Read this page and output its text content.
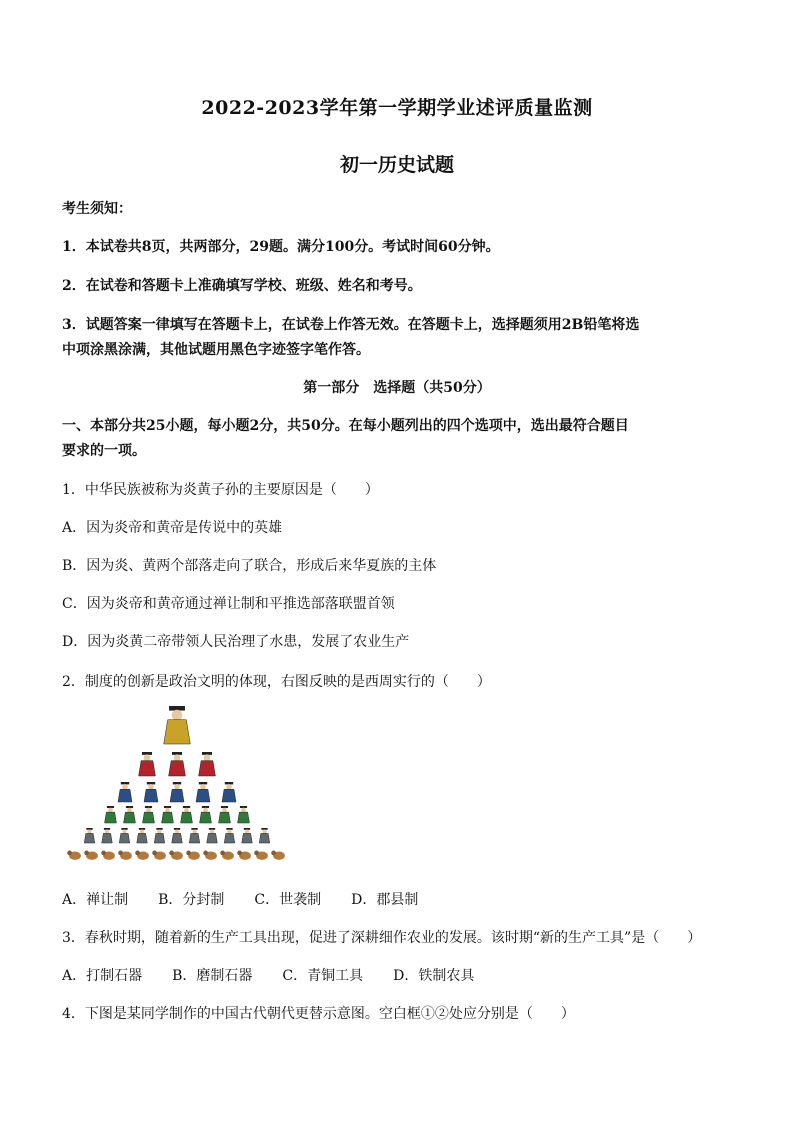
2022-2023学年第一学期学业述评质量监测
初一历史试题
考生须知：
1．本试卷共8页，共两部分，29题。满分100分。考试时间60分钟。
2．在试卷和答题卡上准确填写学校、班级、姓名和考号。
3．试题答案一律填写在答题卡上，在试卷上作答无效。在答题卡上，选择题须用2B铅笔将选
中项涂黑涂满，其他试题用黑色字迹签字笔作答。
第一部分　选择题（共50分）
一、本部分共25小题，每小题2分，共50分。在每小题列出的四个选项中，选出最符合题目
要求的一项。
1．中华民族被称为炎黄子孙的主要原因是（　　）
A．因为炎帝和黄帝是传说中的英雄
B．因为炎、黄两个部落走向了联合，形成后来华夏族的主体
C．因为炎帝和黄帝通过禅让制和平推选部落联盟首领
D．因为炎黄二帝带领人民治理了水患，发展了农业生产
2．制度的创新是政治文明的体现，右图反映的是西周实行的（　　）
A．禅让制 B．分封制 C．世袭制 D．郡县制
3．春秋时期，随着新的生产工具出现，促进了深耕细作农业的发展。该时期“新的生产工具”是（　　）
A．打制石器 B．磨制石器 C．青铜工具 D．铁制农具
4．下图是某同学制作的中国古代朝代更替示意图。空白框①②处应分别是（　　）
